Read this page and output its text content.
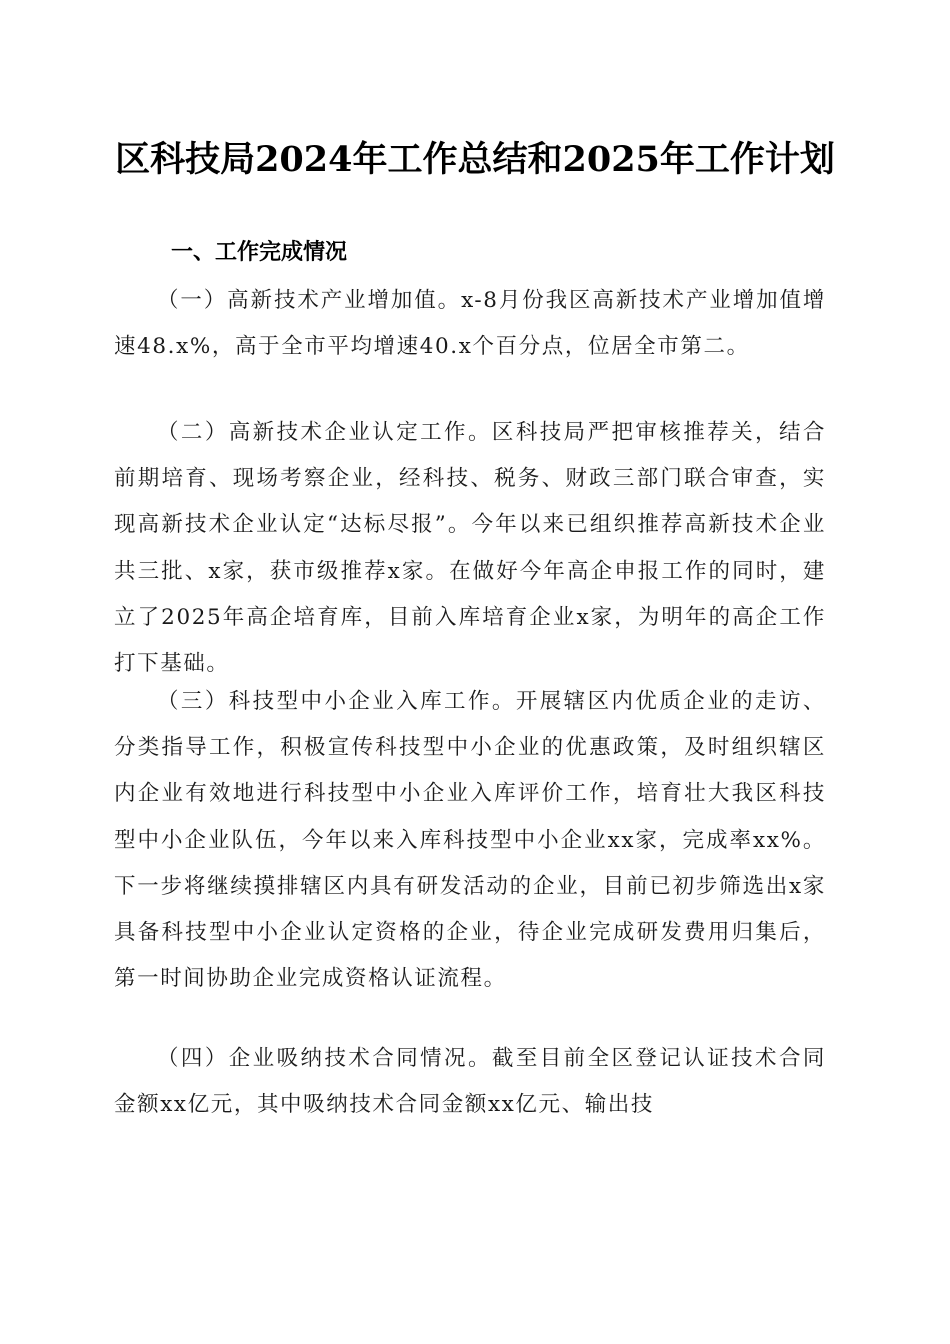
区科技局2024年工作总结和2025年工作计划
一、工作完成情况
（一）高新技术产业增加值。x-8月份我区高新技术产业增加值增速48.x%，高于全市平均增速40.x个百分点，位居全市第二。
（二）高新技术企业认定工作。区科技局严把审核推荐关，结合前期培育、现场考察企业，经科技、税务、财政三部门联合审查，实现高新技术企业认定“达标尽报”。今年以来已组织推荐高新技术企业共三批、x家，获市级推荐x家。在做好今年高企申报工作的同时，建立了2025年高企培育库，目前入库培育企业x家，为明年的高企工作打下基础。
（三）科技型中小企业入库工作。开展辖区内优质企业的走访、分类指导工作，积极宣传科技型中小企业的优惠政策，及时组织辖区内企业有效地进行科技型中小企业入库评价工作，培育壮大我区科技型中小企业队伍，今年以来入库科技型中小企业xx家，完成率xx%。下一步将继续摸排辖区内具有研发活动的企业，目前已初步筛选出x家具备科技型中小企业认定资格的企业，待企业完成研发费用归集后，第一时间协助企业完成资格认证流程。
（四）企业吸纳技术合同情况。截至目前全区登记认证技术合同金额xx亿元，其中吸纳技术合同金额xx亿元、输出技
